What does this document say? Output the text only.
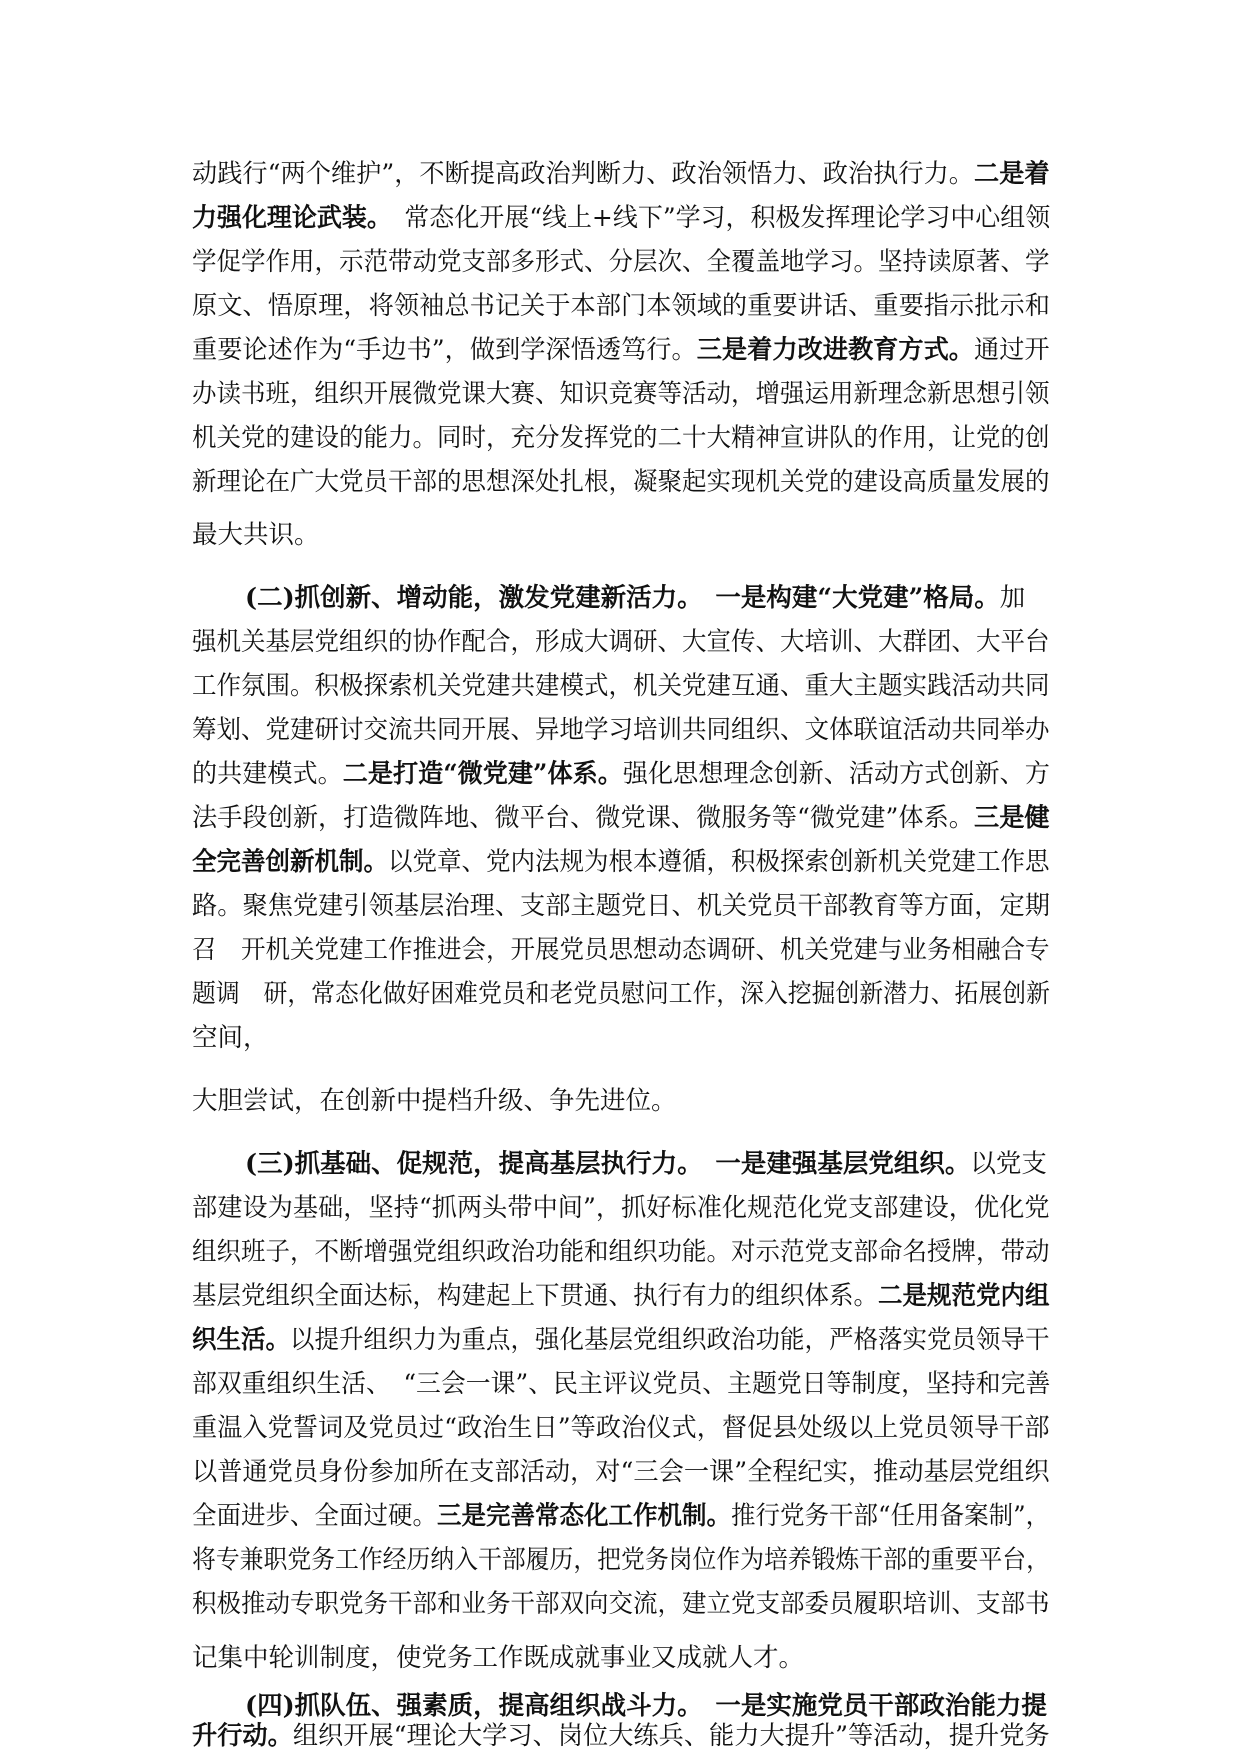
动践行“两个维护”，不断提高政治判断力、政治领悟力、政治执行力。二是着
力强化理论武装。　常态化开展“线上+线下”学习，积极发挥理论学习中心组领
学促学作用，示范带动党支部多形式、分层次、全覆盖地学习。坚持读原著、学
原文、悟原理，将领袖总书记关于本部门本领域的重要讲话、重要指示批示和
重要论述作为“手边书”，做到学深悟透笃行。三是着力改进教育方式。通过开
办读书班，组织开展微党课大赛、知识竞赛等活动，增强运用新理念新思想引领
机关党的建设的能力。同时，充分发挥党的二十大精神宣讲队的作用，让党的创
新理论在广大党员干部的思想深处扎根，凝聚起实现机关党的建设高质量发展的
最大共识。
(二)抓创新、增动能，激发党建新活力。　 一是构建“大党建”格局。加
强机关基层党组织的协作配合，形成大调研、大宣传、大培训、大群团、大平台
工作氛围。积极探索机关党建共建模式，机关党建互通、重大主题实践活动共同
筹划、党建研讨交流共同开展、异地学习培训共同组织、文体联谊活动共同举办
的共建模式。二是打造“微党建”体系。强化思想理念创新、活动方式创新、方
法手段创新，打造微阵地、微平台、微党课、微服务等“微党建”体系。三是健
全完善创新机制。以党章、党内法规为根本遵循，积极探索创新机关党建工作思
路。聚焦党建引领基层治理、支部主题党日、机关党员干部教育等方面，定期
召　开机关党建工作推进会，开展党员思想动态调研、机关党建与业务相融合专
题调　研，常态化做好困难党员和老党员慰问工作，深入挖掘创新潜力、拓展创新
空间，
大胆尝试，在创新中提档升级、争先进位。
(三)抓基础、促规范，提高基层执行力。　 一是建强基层党组织。以党支
部建设为基础，坚持“抓两头带中间”，抓好标准化规范化党支部建设，优化党
组织班子，不断增强党组织政治功能和组织功能。对示范党支部命名授牌，带动
基层党组织全面达标，构建起上下贯通、执行有力的组织体系。二是规范党内组
织生活。以提升组织力为重点，强化基层党组织政治功能，严格落实党员领导干
部双重组织生活、　“三会一课”、民主评议党员、主题党日等制度，坚持和完善
重温入党誓词及党员过“政治生日”等政治仪式，督促县处级以上党员领导干部
以普通党员身份参加所在支部活动，对“三会一课”全程纪实，推动基层党组织
全面进步、全面过硬。三是完善常态化工作机制。推行党务干部“任用备案制”，
将专兼职党务工作经历纳入干部履历，把党务岗位作为培养锻炼干部的重要平台，
积极推动专职党务干部和业务干部双向交流，建立党支部委员履职培训、支部书
记集中轮训制度，使党务工作既成就事业又成就人才。
(四)抓队伍、强素质，提高组织战斗力。　 一是实施党员干部政治能力提
升行动。组织开展“理论大学习、岗位大练兵、能力大提升”等活动，提升党务
